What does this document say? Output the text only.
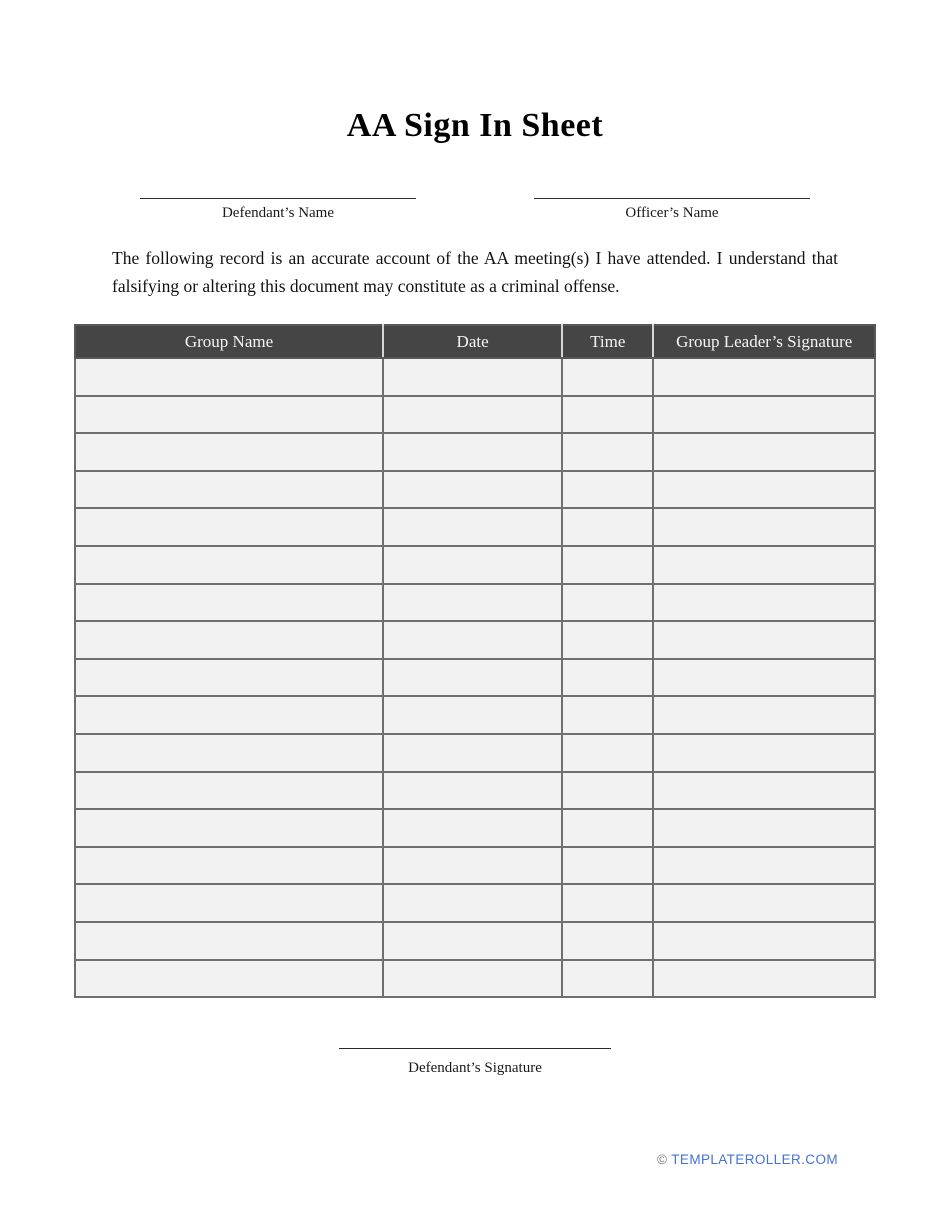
AA Sign In Sheet
Defendant’s Name	Officer’s Name

The following record is an accurate account of the AA meeting(s) I have attended. I understand that falsifying or altering this document may constitute as a criminal offense.

Group Name	Date	Time	Group Leader’s Signature

Defendant’s Signature
© TEMPLATEROLLER.COM
